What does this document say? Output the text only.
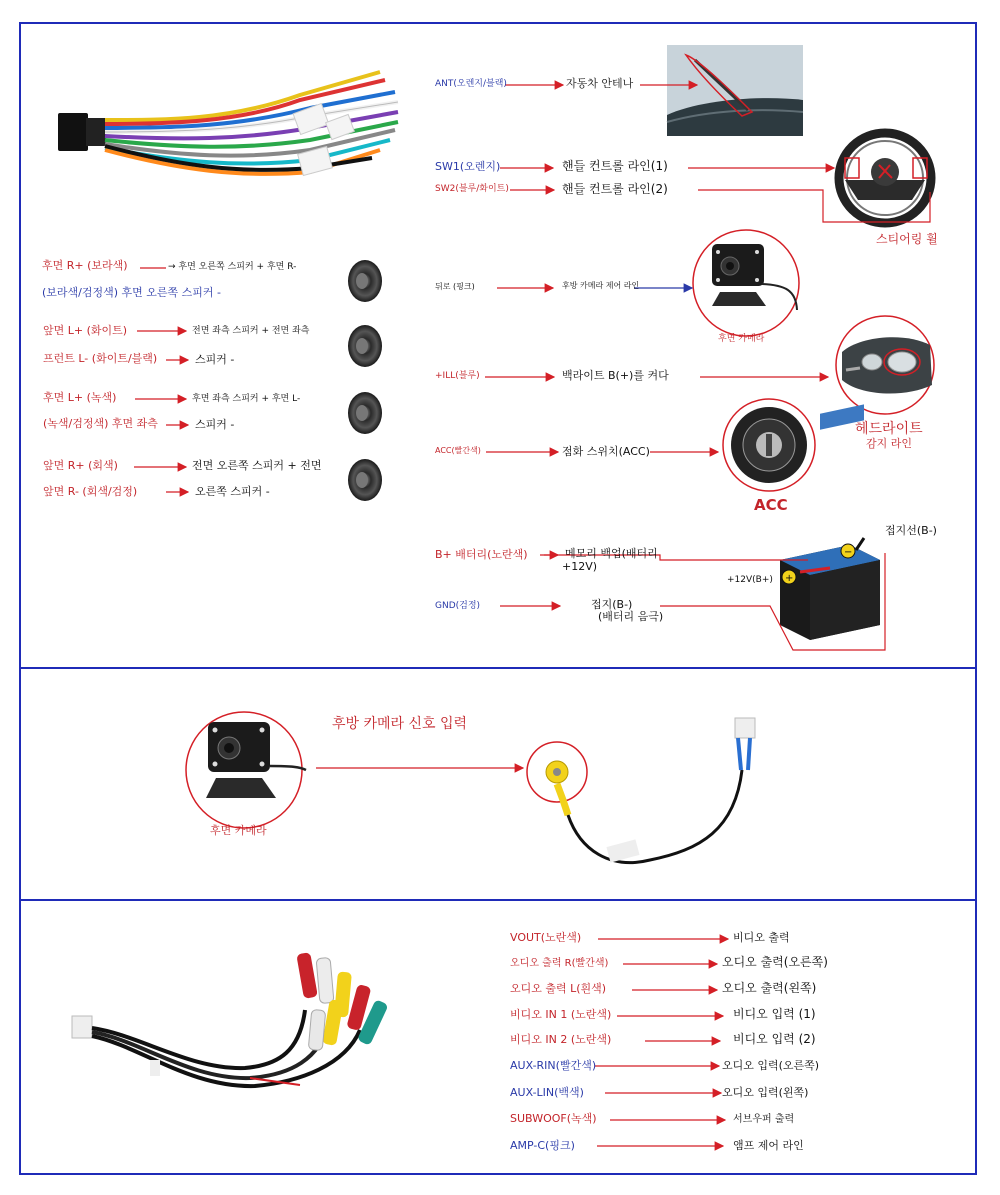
+
−
후면 R+ (보라색)	→ 후면 오른쪽 스피커 + 후면 R-
(보라색/검정색) 후면 오른쪽 스피커 -
앞면 L+ (화이트)	전면 좌측 스피커 + 전면 좌측
프런트 L- (화이트/블랙)	스피커 -
후면 L+ (녹색)	후면 좌측 스피커 + 후면 L-
(녹색/검정색) 후면 좌측	스피커 -
앞면 R+ (회색)	전면 오른쪽 스피커 + 전면
앞면 R- (회색/검정)	오른쪽 스피커 -
ANT(오렌지/블랙)	자동차 안테나
SW1(오렌지)	핸들 컨트롤 라인(1)
SW2(블루/화이트)	핸들 컨트롤 라인(2)
스티어링 휠
뒤로 (핑크)	후방 카메라 제어 라인
후면 카메라
+ILL(블루)	백라이트 B(+)를 켜다
헤드라이트
감지 라인
ACC(빨간색)	점화 스위치(ACC)
ACC
B+ 배터리(노란색)	메모리 백업(배터리
+12V)
+12V(B+)
접지선(B-)
GND(검정)	접지(B-)
(배터리 음극)
후방 카메라 신호 입력
후면 카메라
VOUT(노란색)	비디오 출력
오디오 출력 R(빨간색)	오디오 출력(오른쪽)
오디오 출력 L(흰색)	오디오 출력(왼쪽)
비디오 IN 1 (노란색)	비디오 입력 (1)
비디오 IN 2 (노란색)	비디오 입력 (2)
AUX-RIN(빨간색)	오디오 입력(오른쪽)
AUX-LIN(백색)	오디오 입력(왼쪽)
SUBWOOF(녹색)	서브우퍼 출력
AMP-C(핑크)	앰프 제어 라인
